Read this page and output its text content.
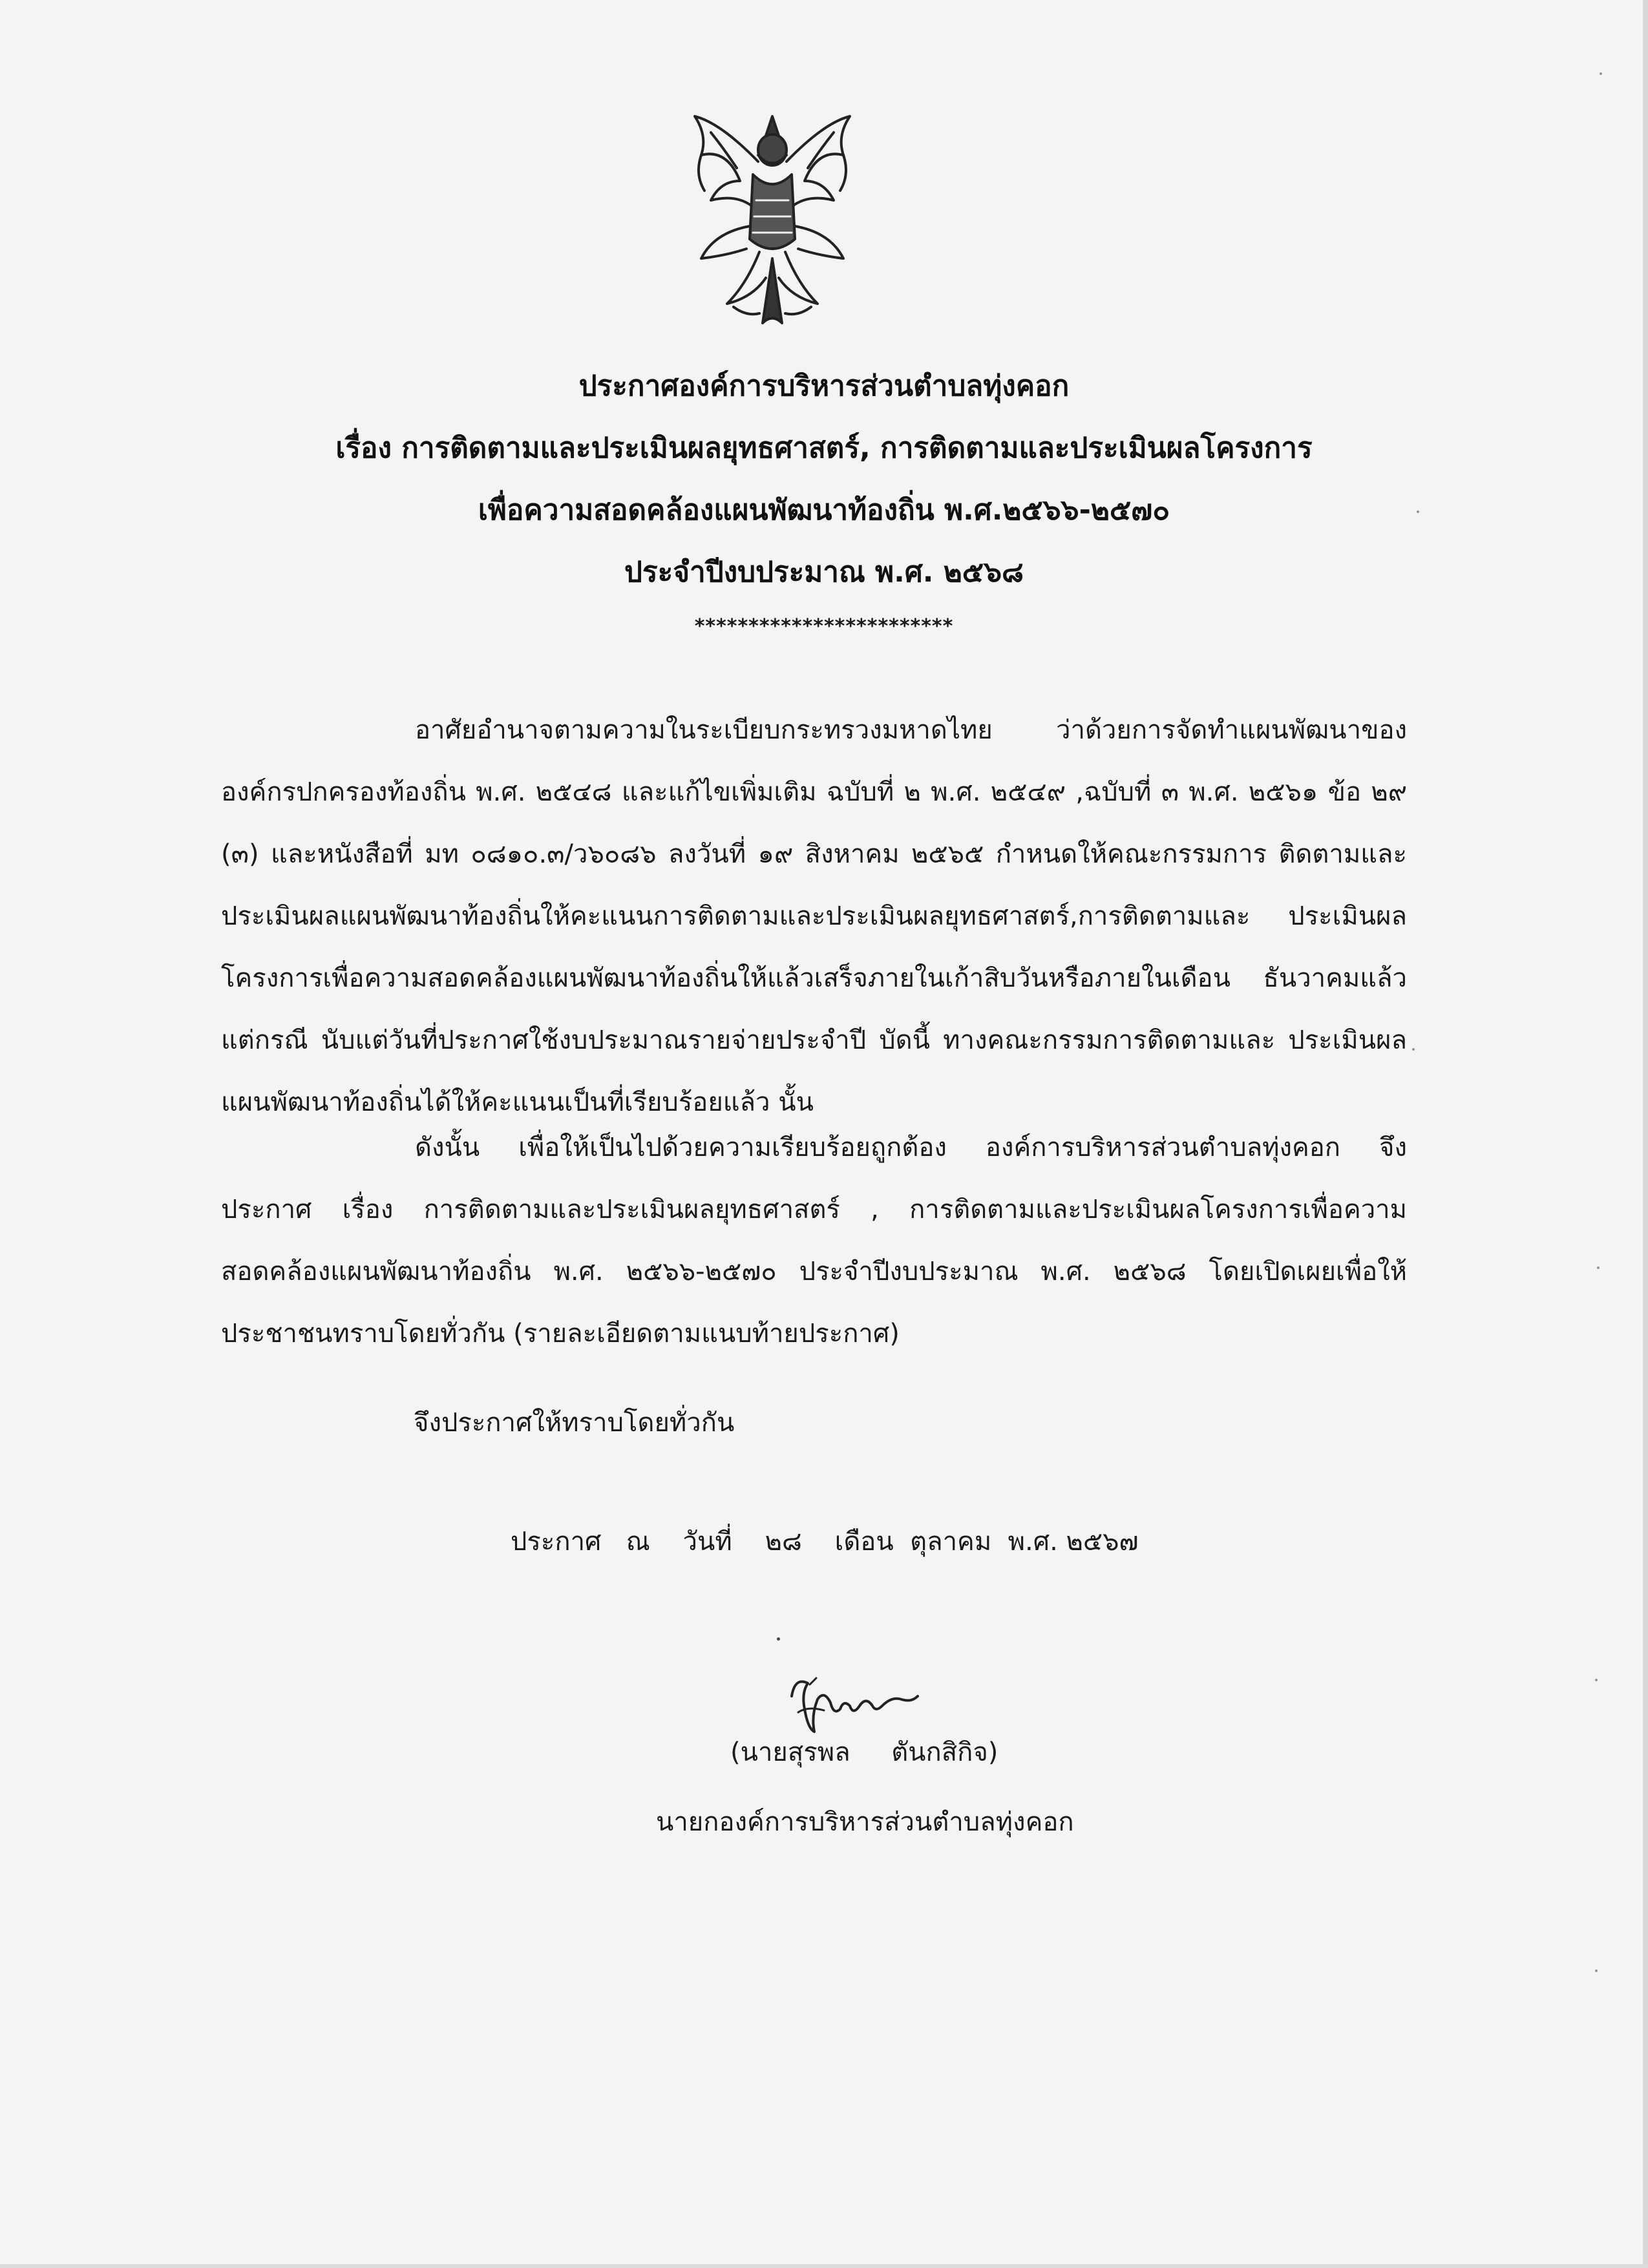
ประกาศองค์การบริหารส่วนตำบลทุ่งคอก
เรื่อง การติดตามและประเมินผลยุทธศาสตร์, การติดตามและประเมินผลโครงการ
เพื่อความสอดคล้องแผนพัฒนาท้องถิ่น พ.ศ.๒๕๖๖-๒๕๗๐
ประจำปีงบประมาณ พ.ศ. ๒๕๖๘
************************
อาศัยอำนาจตามความในระเบียบกระทรวงมหาดไทย ว่าด้วยการจัดทำแผนพัฒนาของ องค์กรปกครองท้องถิ่น พ.ศ. ๒๕๔๘ และแก้ไขเพิ่มเติม ฉบับที่ ๒ พ.ศ. ๒๕๔๙ ,ฉบับที่ ๓ พ.ศ. ๒๕๖๑ ข้อ ๒๙ (๓) และหนังสือที่ มท ๐๘๑๐.๓/ว๖๐๘๖ ลงวันที่ ๑๙ สิงหาคม ๒๕๖๕ กำหนดให้คณะกรรมการ ติดตามและประเมินผลแผนพัฒนาท้องถิ่นให้คะแนนการติดตามและประเมินผลยุทธศาสตร์,การติดตามและ ประเมินผลโครงการเพื่อความสอดคล้องแผนพัฒนาท้องถิ่นให้แล้วเสร็จภายในเก้าสิบวันหรือภายในเดือน ธันวาคมแล้วแต่กรณี นับแต่วันที่ประกาศใช้งบประมาณรายจ่ายประจำปี บัดนี้ ทางคณะกรรมการติดตามและ ประเมินผลแผนพัฒนาท้องถิ่นได้ให้คะแนนเป็นที่เรียบร้อยแล้ว นั้น
ดังนั้น เพื่อให้เป็นไปด้วยความเรียบร้อยถูกต้อง องค์การบริหารส่วนตำบลทุ่งคอก จึง ประกาศ เรื่อง การติดตามและประเมินผลยุทธศาสตร์ , การติดตามและประเมินผลโครงการเพื่อความ สอดคล้องแผนพัฒนาท้องถิ่น พ.ศ. ๒๕๖๖-๒๕๗๐ ประจำปีงบประมาณ พ.ศ. ๒๕๖๘ โดยเปิดเผยเพื่อให้ ประชาชนทราบโดยทั่วกัน (รายละเอียดตามแนบท้ายประกาศ)
จึงประกาศให้ทราบโดยทั่วกัน
ประกาศ   ณ    วันที่    ๒๘    เดือน  ตุลาคม  พ.ศ. ๒๕๖๗
(นายสุรพล     ตันกสิกิจ)
นายกองค์การบริหารส่วนตำบลทุ่งคอก
